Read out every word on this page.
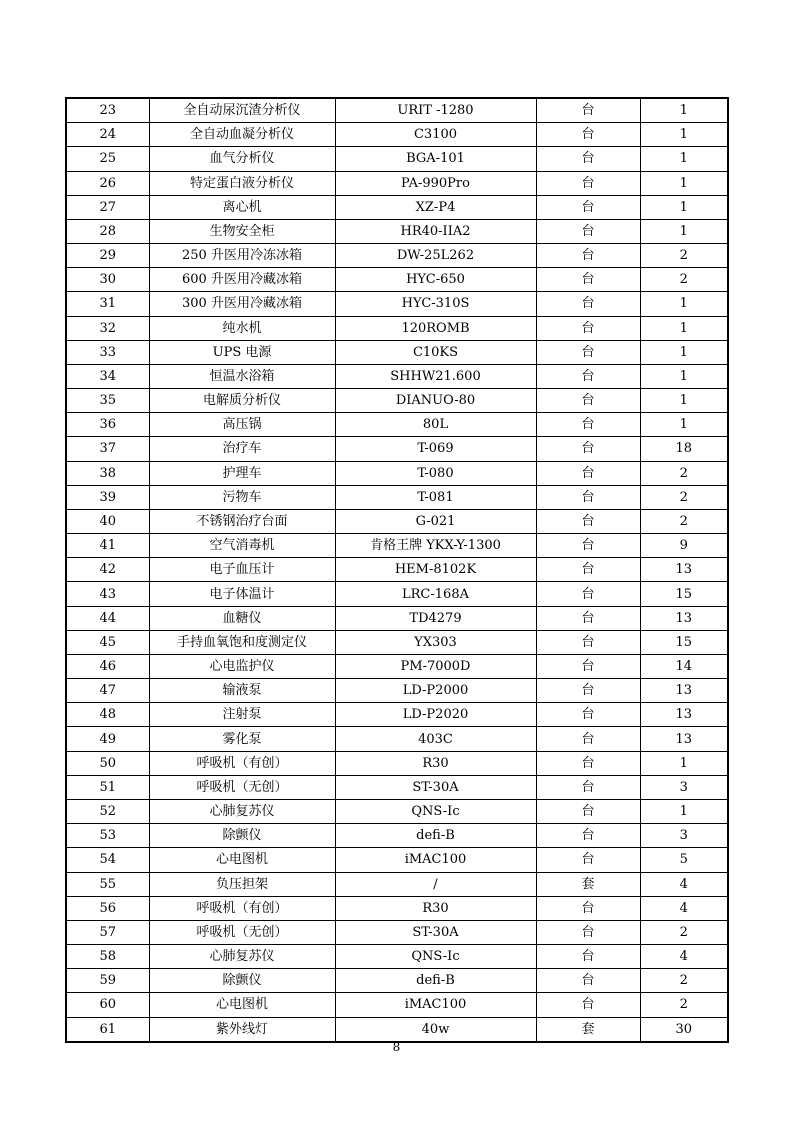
23	全自动尿沉渣分析仪	URIT -1280	台	1
24	全自动血凝分析仪	C3100	台	1
25	血气分析仪	BGA-101	台	1
26	特定蛋白液分析仪	PA-990Pro	台	1
27	离心机	XZ-P4	台	1
28	生物安全柜	HR40-IIA2	台	1
29	250 升医用冷冻冰箱	DW-25L262	台	2
30	600 升医用冷藏冰箱	HYC-650	台	2
31	300 升医用冷藏冰箱	HYC-310S	台	1
32	纯水机	120ROMB	台	1
33	UPS 电源	C10KS	台	1
34	恒温水浴箱	SHHW21.600	台	1
35	电解质分析仪	DIANUO-80	台	1
36	高压锅	80L	台	1
37	治疗车	T-069	台	18
38	护理车	T-080	台	2
39	污物车	T-081	台	2
40	不锈钢治疗台面	G-021	台	2
41	空气消毒机	肯格王牌 YKX-Y-1300	台	9
42	电子血压计	HEM-8102K	台	13
43	电子体温计	LRC-168A	台	15
44	血糖仪	TD4279	台	13
45	手持血氧饱和度测定仪	YX303	台	15
46	心电监护仪	PM-7000D	台	14
47	输液泵	LD-P2000	台	13
48	注射泵	LD-P2020	台	13
49	雾化泵	403C	台	13
50	呼吸机（有创）	R30	台	1
51	呼吸机（无创）	ST-30A	台	3
52	心肺复苏仪	QNS-Ic	台	1
53	除颤仪	defi-B	台	3
54	心电图机	iMAC100	台	5
55	负压担架	/	套	4
56	呼吸机（有创）	R30	台	4
57	呼吸机（无创）	ST-30A	台	2
58	心肺复苏仪	QNS-Ic	台	4
59	除颤仪	defi-B	台	2
60	心电图机	iMAC100	台	2
61	紫外线灯	40w	套	30
8
